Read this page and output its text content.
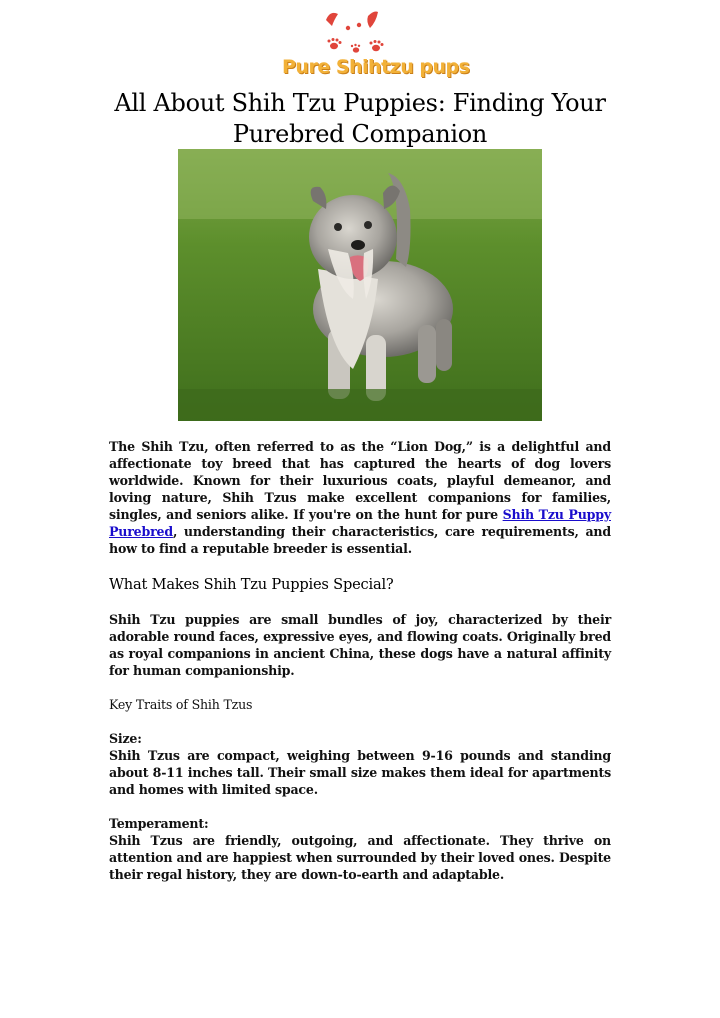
Pure Shihtzu pups
All About Shih Tzu Puppies: Finding Your Purebred Companion

The Shih Tzu, often referred to as the “Lion Dog,” is a delightful and affectionate toy breed that has captured the hearts of dog lovers worldwide. Known for their luxurious coats, playful demeanor, and loving nature, Shih Tzus make excellent companions for families, singles, and seniors alike. If you're on the hunt for pure Shih Tzu Puppy Purebred, understanding their characteristics, care requirements, and how to find a reputable breeder is essential.

What Makes Shih Tzu Puppies Special?

Shih Tzu puppies are small bundles of joy, characterized by their adorable round faces, expressive eyes, and flowing coats. Originally bred as royal companions in ancient China, these dogs have a natural affinity for human companionship.

Key Traits of Shih Tzus

Size:

Shih Tzus are compact, weighing between 9-16 pounds and standing about 8-11 inches tall. Their small size makes them ideal for apartments and homes with limited space.

Temperament:

Shih Tzus are friendly, outgoing, and affectionate. They thrive on attention and are happiest when surrounded by their loved ones. Despite their regal history, they are down-to-earth and adaptable.
